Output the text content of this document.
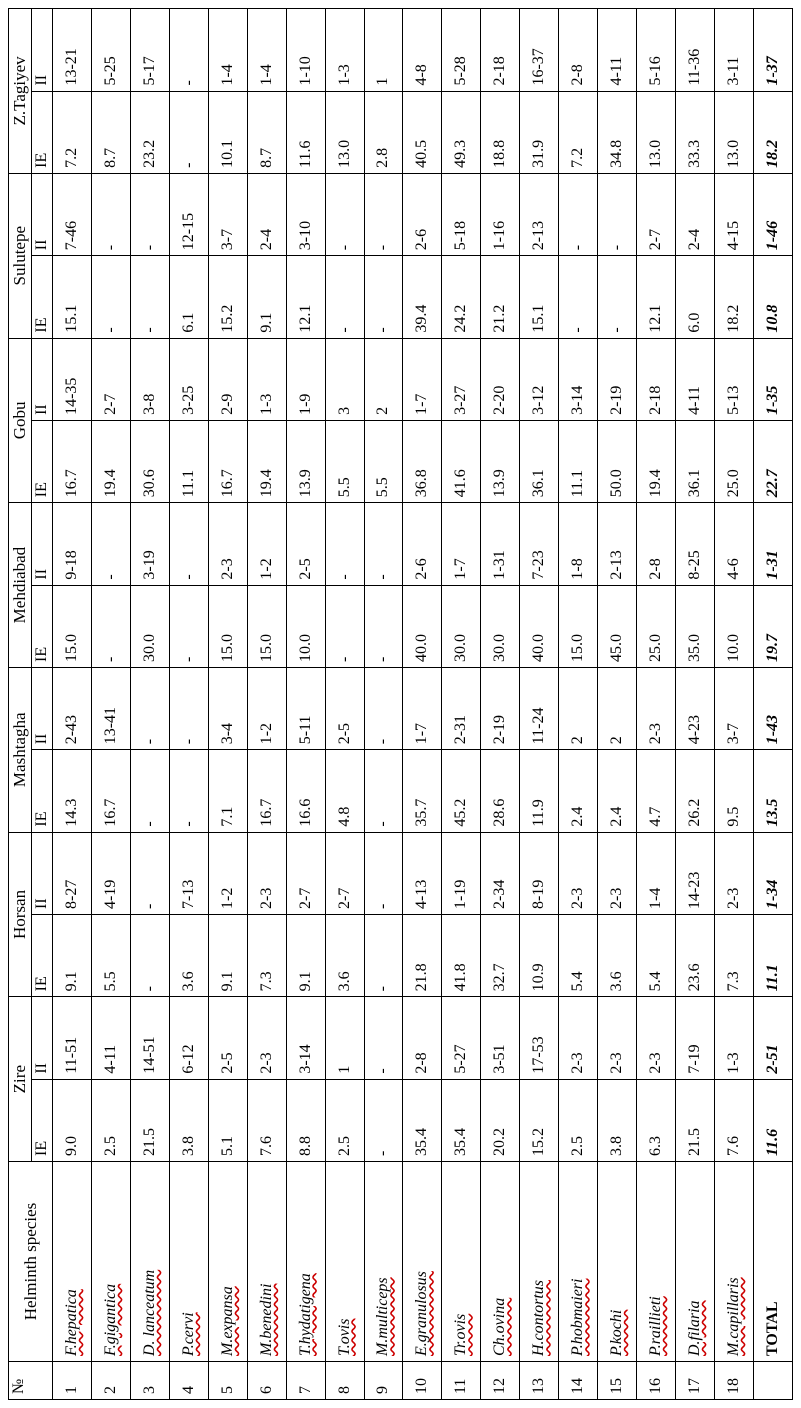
№	Helminth species	Zire		Horsan		Mashtagha		Mehdiabad		Gobu		Sulutepe		Z.Tagiyev	
		IE	II	IE	II	IE	II	IE	II	IE	II	IE	II	IE	II
1	F.hepatica	9.0	11-51	9.1	8-27	14.3	2-43	15.0	9-18	16.7	14-35	15.1	7-46	7.2	13-21
2	F.gigantica	2.5	4-11	5.5	4-19	16.7	13-41	-	-	19.4	2-7	-	-	8.7	5-25
3	D. lanceatum	21.5	14-51	-	-	-	-	30.0	3-19	30.6	3-8	-	-	23.2	5-17
4	P.cervi	3.8	6-12	3.6	7-13	-	-	-	-	11.1	3-25	6.1	12-15	-	-
5	M.expansa	5.1	2-5	9.1	1-2	7.1	3-4	15.0	2-3	16.7	2-9	15.2	3-7	10.1	1-4
6	M.benedini	7.6	2-3	7.3	2-3	16.7	1-2	15.0	1-2	19.4	1-3	9.1	2-4	8.7	1-4
7	T.hydatigena	8.8	3-14	9.1	2-7	16.6	5-11	10.0	2-5	13.9	1-9	12.1	3-10	11.6	1-10
8	T.ovis	2.5	1	3.6	2-7	4.8	2-5	-	-	5.5	3	-	-	13.0	1-3
9	M.multiceps	-	-	-	-	-	-	-	-	5.5	2	-	-	2.8	1
10	E.granulosus	35.4	2-8	21.8	4-13	35.7	1-7	40.0	2-6	36.8	1-7	39.4	2-6	40.5	4-8
11	Tr.ovis	35.4	5-27	41.8	1-19	45.2	2-31	30.0	1-7	41.6	3-27	24.2	5-18	49.3	5-28
12	Ch.ovina	20.2	3-51	32.7	2-34	28.6	2-19	30.0	1-31	13.9	2-20	21.2	1-16	18.8	2-18
13	H.contortus	15.2	17-53	10.9	8-19	11.9	11-24	40.0	7-23	36.1	3-12	15.1	2-13	31.9	16-37
14	P.hobmaieri	2.5	2-3	5.4	2-3	2.4	2	15.0	1-8	11.1	3-14	-	-	7.2	2-8
15	P.kochi	3.8	2-3	3.6	2-3	2.4	2	45.0	2-13	50.0	2-19	-	-	34.8	4-11
16	P.raillieti	6.3	2-3	5.4	1-4	4.7	2-3	25.0	2-8	19.4	2-18	12.1	2-7	13.0	5-16
17	D.filaria	21.5	7-19	23.6	14-23	26.2	4-23	35.0	8-25	36.1	4-11	6.0	2-4	33.3	11-36
18	M.capillaris	7.6	1-3	7.3	2-3	9.5	3-7	10.0	4-6	25.0	5-13	18.2	4-15	13.0	3-11
	TOTAL	11.6	2-51	11.1	1-34	13.5	1-43	19.7	1-31	22.7	1-35	10.8	1-46	18.2	1-37
